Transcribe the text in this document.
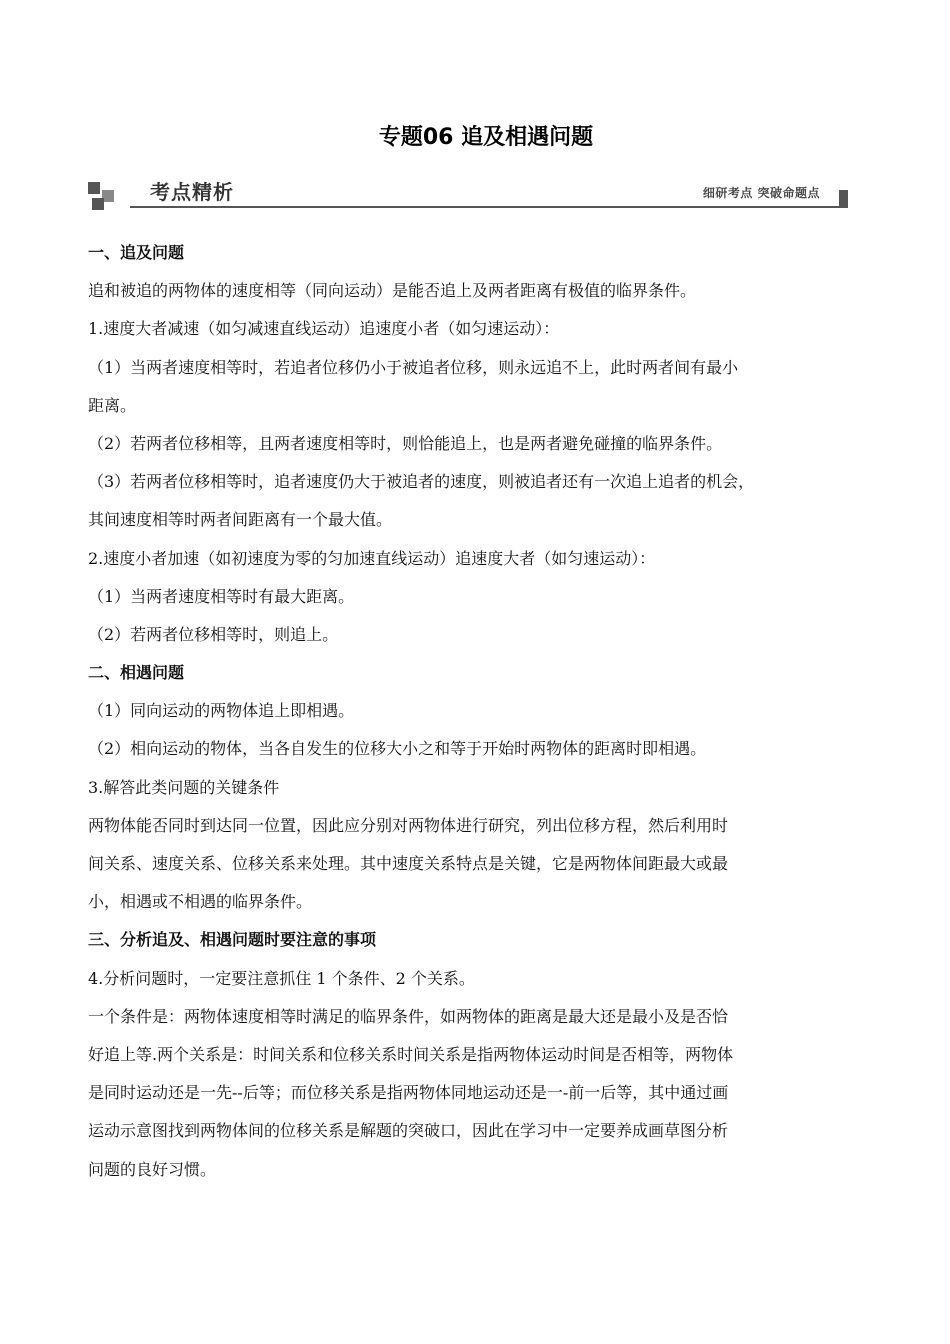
专题06 追及相遇问题
考点精析	细研考点 突破命题点
一、追及问题
追和被追的两物体的速度相等（同向运动）是能否追上及两者距离有极值的临界条件。
1.速度大者减速（如匀减速直线运动）追速度小者（如匀速运动）：
（1）当两者速度相等时，若追者位移仍小于被追者位移，则永远追不上，此时两者间有最小
距离。
（2）若两者位移相等，且两者速度相等时，则恰能追上，也是两者避免碰撞的临界条件。
（3）若两者位移相等时，追者速度仍大于被追者的速度，则被追者还有一次追上追者的机会，
其间速度相等时两者间距离有一个最大值。
2.速度小者加速（如初速度为零的匀加速直线运动）追速度大者（如匀速运动）：
（1）当两者速度相等时有最大距离。
（2）若两者位移相等时，则追上。
二、相遇问题
（1）同向运动的两物体追上即相遇。
（2）相向运动的物体，当各自发生的位移大小之和等于开始时两物体的距离时即相遇。
3.解答此类问题的关键条件
两物体能否同时到达同一位置，因此应分别对两物体进行研究，列出位移方程，然后利用时
间关系、速度关系、位移关系来处理。其中速度关系特点是关键，它是两物体间距最大或最
小，相遇或不相遇的临界条件。
三、分析追及、相遇问题时要注意的事项
4.分析问题时，一定要注意抓住 1 个条件、2 个关系。
一个条件是：两物体速度相等时满足的临界条件，如两物体的距离是最大还是最小及是否恰
好追上等.两个关系是：时间关系和位移关系时间关系是指两物体运动时间是否相等，两物体
是同时运动还是一先--后等；而位移关系是指两物体同地运动还是一-前一后等，其中通过画
运动示意图找到两物体间的位移关系是解题的突破口，因此在学习中一定要养成画草图分析
问题的良好习惯。
